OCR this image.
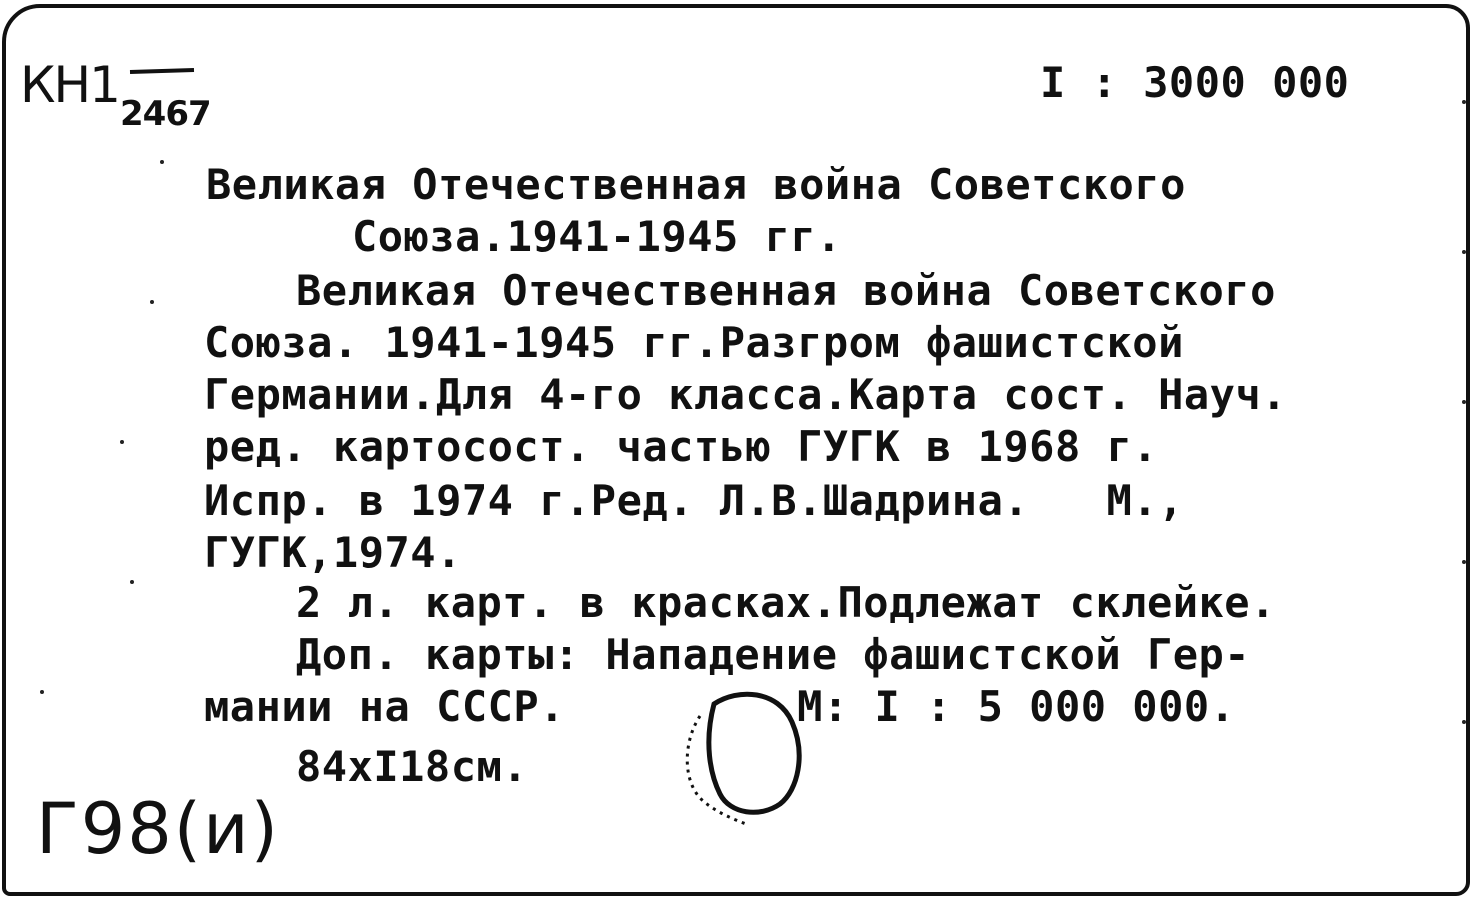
КН1 2467
I : 3000 000
Великая Отечественная война Советского
Союза.1941-1945 гг.
Великая Отечественная война Советского
Союза. 1941-1945 гг.Разгром фашистской
Германии.Для 4-го класса.Карта сост. Науч.
ред. картосост. частью ГУГК в 1968 г.
Испр. в 1974 г.Ред. Л.В.Шадрина.   М.,
ГУГК,1974.
2 л. карт. в красках.Подлежат склейке.
Доп. карты: Нападение фашистской Гер-
мании на СССР.         М: I : 5 000 000.
84хI18см.
Г98(и)
